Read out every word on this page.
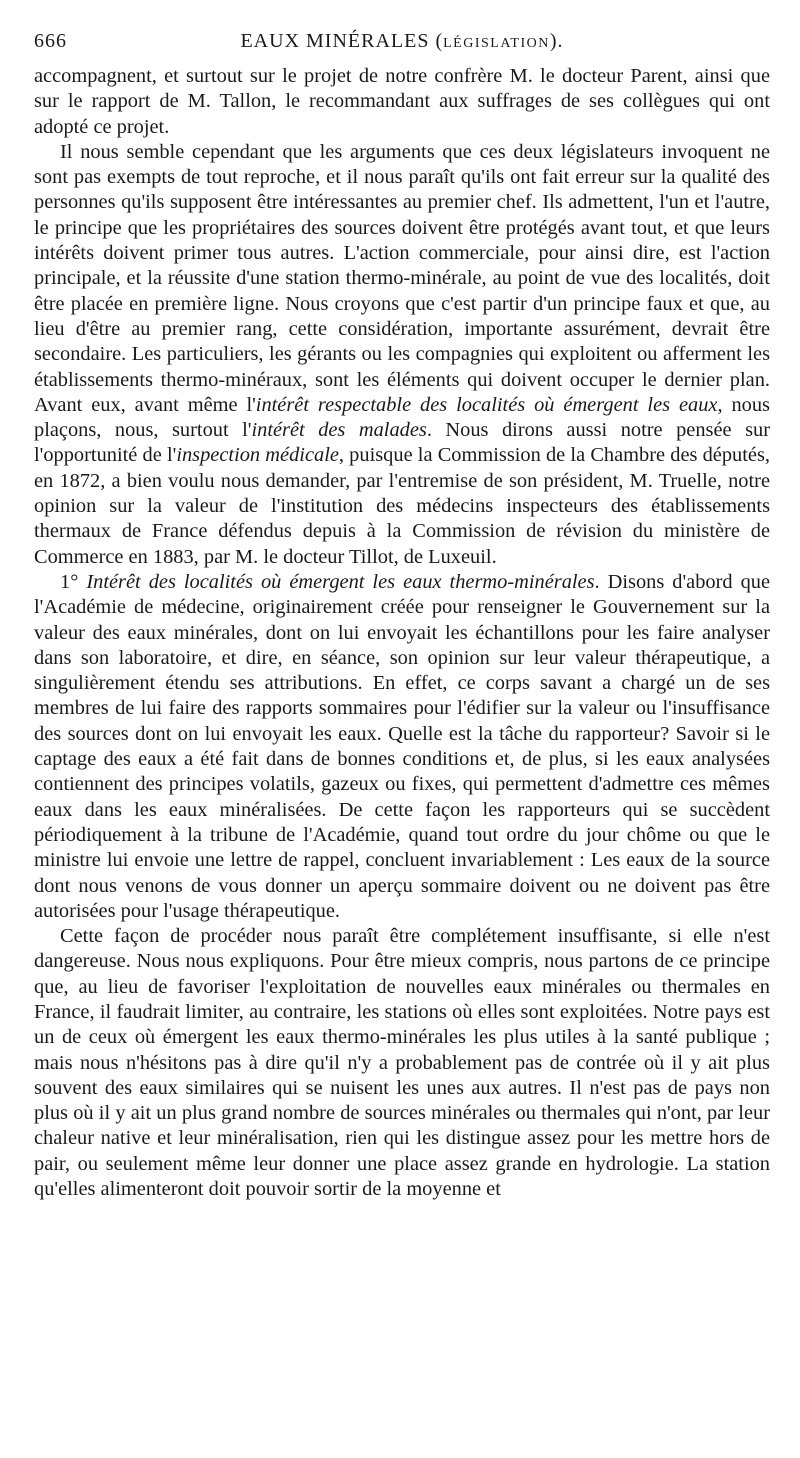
666	EAUX MINÉRALES (LÉGISLATION).

accompagnent, et surtout sur le projet de notre confrère M. le docteur Parent, ainsi que sur le rapport de M. Tallon, le recommandant aux suffrages de ses collègues qui ont adopté ce projet.

Il nous semble cependant que les arguments que ces deux législateurs invoquent ne sont pas exempts de tout reproche, et il nous paraît qu'ils ont fait erreur sur la qualité des personnes qu'ils supposent être intéressantes au premier chef. Ils admettent, l'un et l'autre, le principe que les propriétaires des sources doivent être protégés avant tout, et que leurs intérêts doivent primer tous autres. L'action commerciale, pour ainsi dire, est l'action principale, et la réussite d'une station thermo-minérale, au point de vue des localités, doit être placée en première ligne. Nous croyons que c'est partir d'un principe faux et que, au lieu d'être au premier rang, cette considération, importante assurément, devrait être secondaire. Les particuliers, les gérants ou les compagnies qui exploitent ou afferment les établissements thermo-minéraux, sont les éléments qui doivent occuper le dernier plan. Avant eux, avant même l'intérêt respectable des localités où émergent les eaux, nous plaçons, nous, surtout l'intérêt des malades. Nous dirons aussi notre pensée sur l'opportunité de l'inspection médicale, puisque la Commission de la Chambre des députés, en 1872, a bien voulu nous demander, par l'entremise de son président, M. Truelle, notre opinion sur la valeur de l'institution des médecins inspecteurs des établissements thermaux de France défendus depuis à la Commission de révision du ministère de Commerce en 1883, par M. le docteur Tillot, de Luxeuil.

1° Intérêt des localités où émergent les eaux thermo-minérales. Disons d'abord que l'Académie de médecine, originairement créée pour renseigner le Gouvernement sur la valeur des eaux minérales, dont on lui envoyait les échantillons pour les faire analyser dans son laboratoire, et dire, en séance, son opinion sur leur valeur thérapeutique, a singulièrement étendu ses attributions. En effet, ce corps savant a chargé un de ses membres de lui faire des rapports sommaires pour l'édifier sur la valeur ou l'insuffisance des sources dont on lui envoyait les eaux. Quelle est la tâche du rapporteur? Savoir si le captage des eaux a été fait dans de bonnes conditions et, de plus, si les eaux analysées contiennent des principes volatils, gazeux ou fixes, qui permettent d'admettre ces mêmes eaux dans les eaux minéralisées. De cette façon les rapporteurs qui se succèdent périodiquement à la tribune de l'Académie, quand tout ordre du jour chôme ou que le ministre lui envoie une lettre de rappel, concluent invariablement : Les eaux de la source dont nous venons de vous donner un aperçu sommaire doivent ou ne doivent pas être autorisées pour l'usage thérapeutique.

Cette façon de procéder nous paraît être complétement insuffisante, si elle n'est dangereuse. Nous nous expliquons. Pour être mieux compris, nous partons de ce principe que, au lieu de favoriser l'exploitation de nouvelles eaux minérales ou thermales en France, il faudrait limiter, au contraire, les stations où elles sont exploitées. Notre pays est un de ceux où émergent les eaux thermo-minérales les plus utiles à la santé publique ; mais nous n'hésitons pas à dire qu'il n'y a probablement pas de contrée où il y ait plus souvent des eaux similaires qui se nuisent les unes aux autres. Il n'est pas de pays non plus où il y ait un plus grand nombre de sources minérales ou thermales qui n'ont, par leur chaleur native et leur minéralisation, rien qui les distingue assez pour les mettre hors de pair, ou seulement même leur donner une place assez grande en hydrologie. La station qu'elles alimenteront doit pouvoir sortir de la moyenne et
